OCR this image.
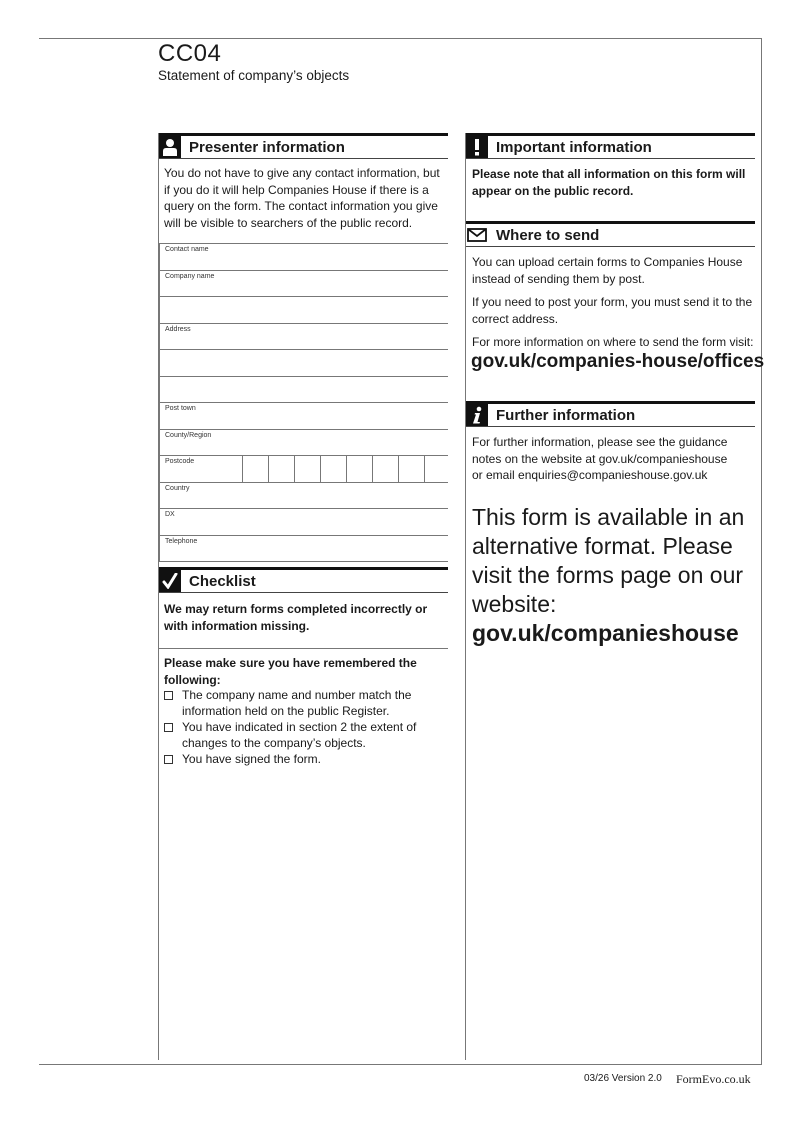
CC04
Statement of company’s objects
Presenter information
You do not have to give any contact information, but if you do it will help Companies House if there is a query on the form. The contact information you give will be visible to searchers of the public record.
Contact name
Company name
Address
Post town
County/Region
Postcode
Country
DX
Telephone
Checklist
We may return forms completed incorrectly or with information missing.
Please make sure you have remembered the following:
The company name and number match the information held on the public Register.
You have indicated in section 2 the extent of changes to the company’s objects.
You have signed the form.
Important information
Please note that all information on this form will appear on the public record.
Where to send
You can upload certain forms to Companies House instead of sending them by post.
If you need to post your form, you must send it to the correct address.
For more information on where to send the form visit:
gov.uk/companies-house/offices
Further information
For further information, please see the guidance
notes on the website at gov.uk/companieshouse
or email enquiries@companieshouse.gov.uk
This form is available in an alternative format. Please visit the forms page on our website:
gov.uk/companieshouse
03/26 Version 2.0 FormEvo.co.uk
